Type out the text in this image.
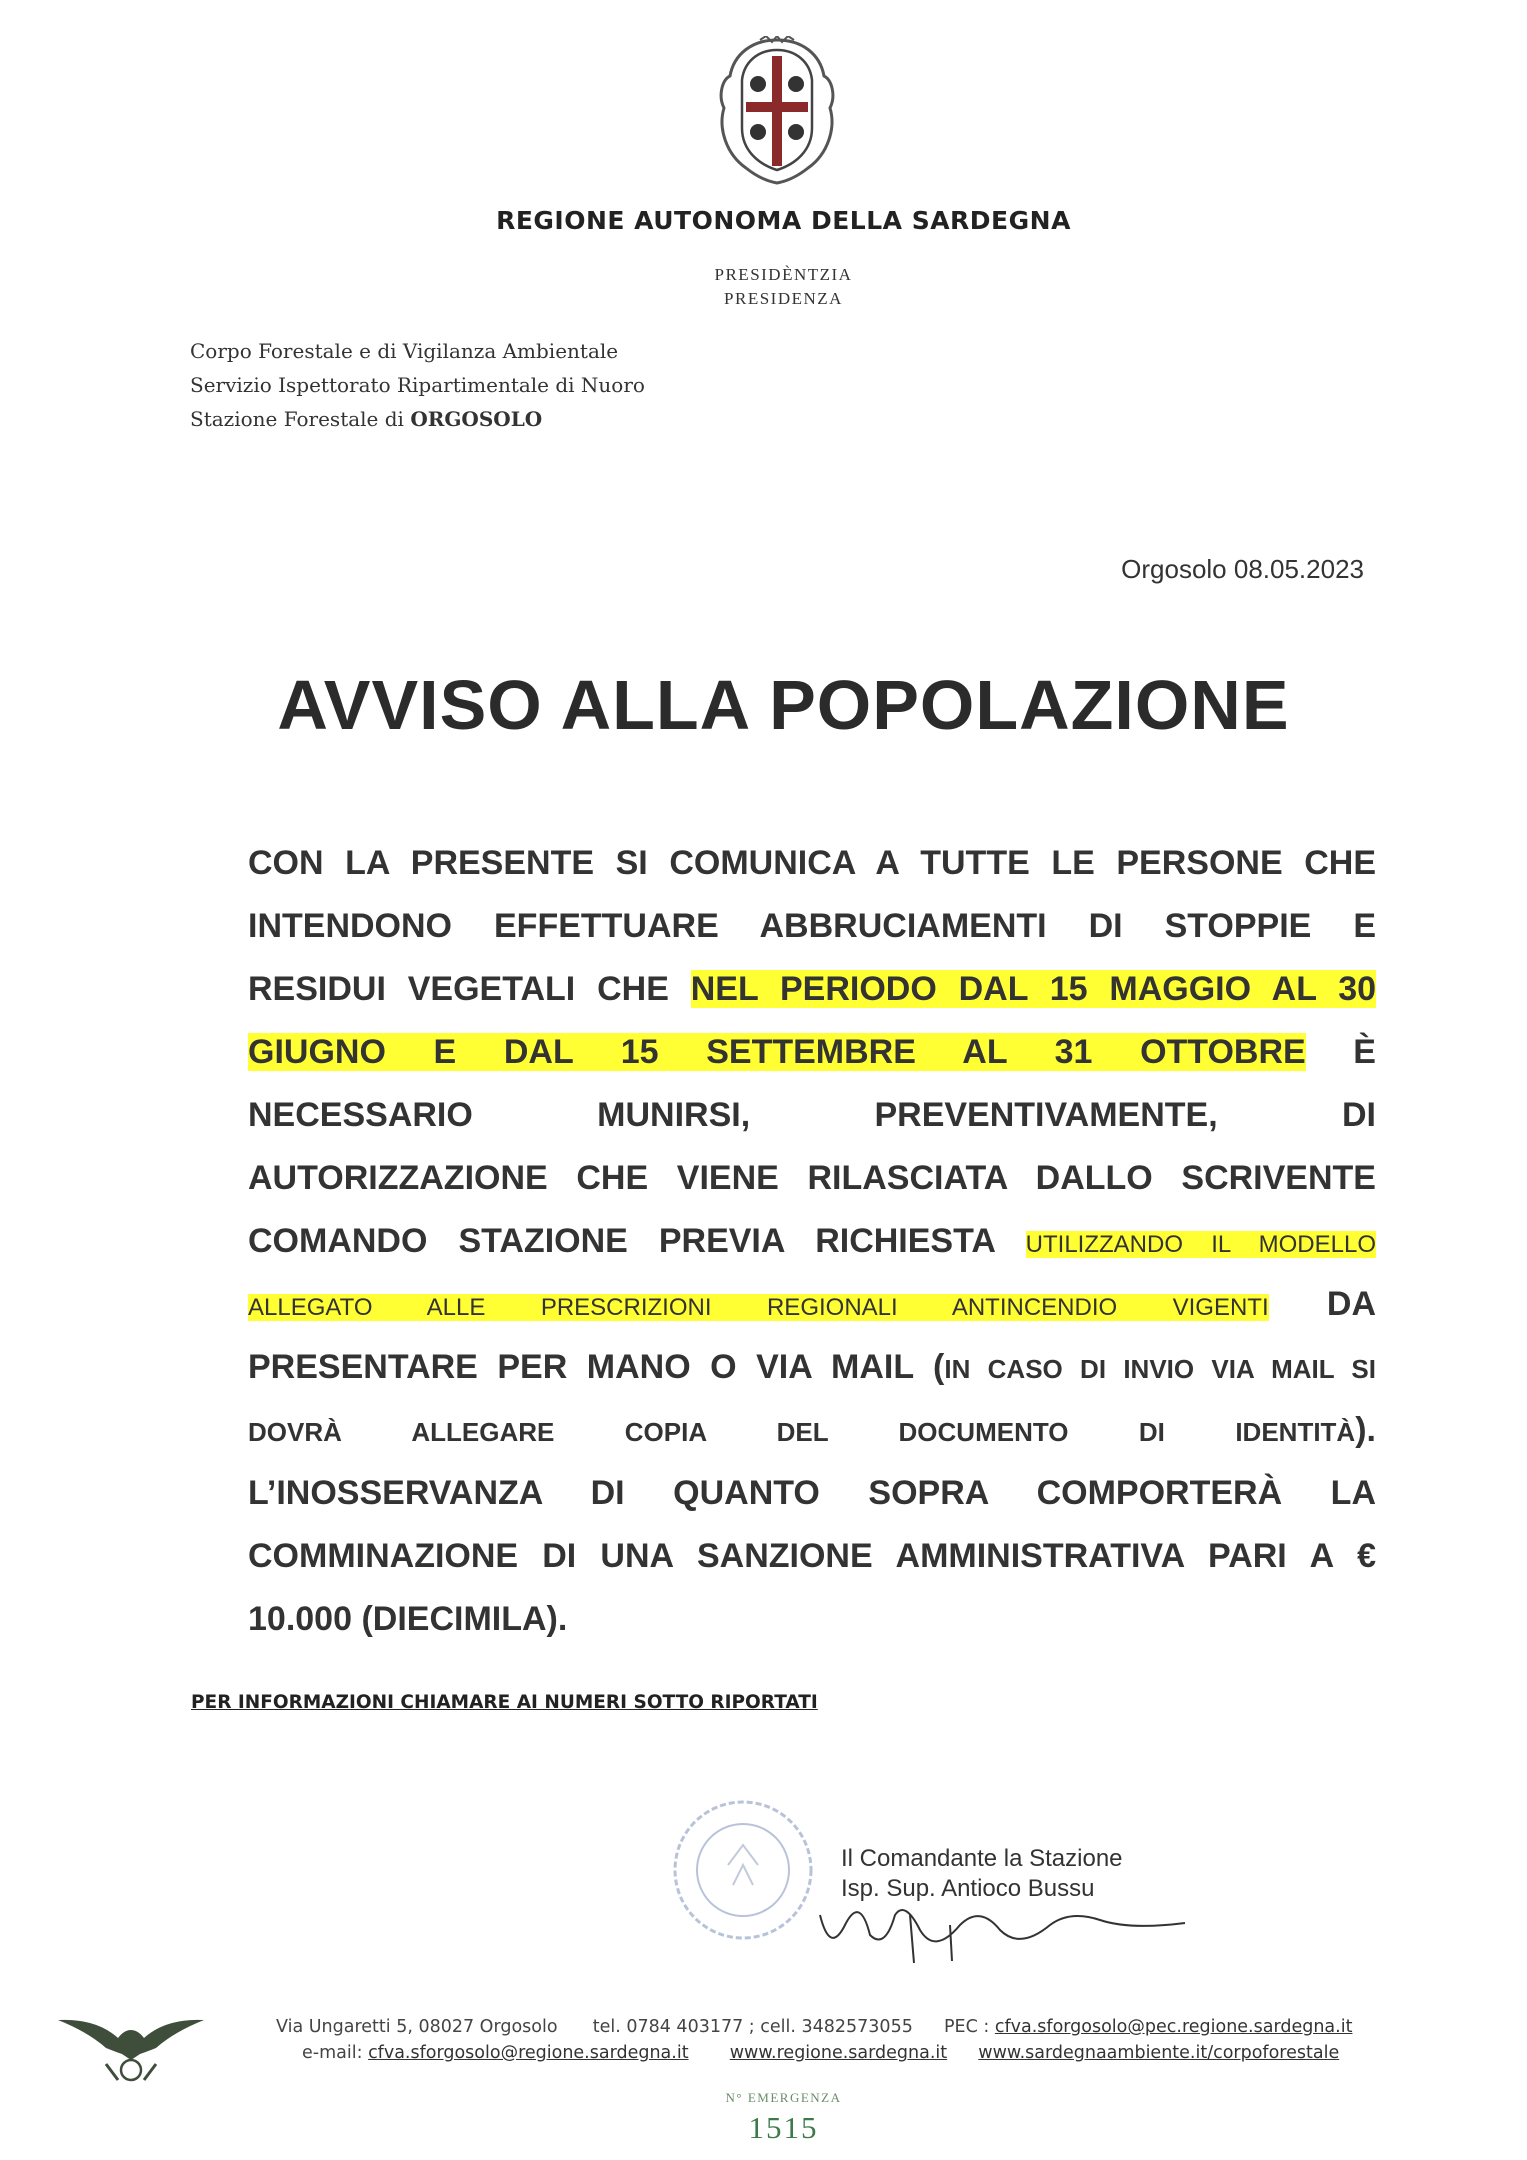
REGIONE AUTONOMA DELLA SARDEGNA
PRESIDÈNTZIA
PRESIDENZA
Corpo Forestale e di Vigilanza Ambientale
Servizio Ispettorato Ripartimentale di Nuoro
Stazione Forestale di ORGOSOLO
Orgosolo 08.05.2023
AVVISO ALLA POPOLAZIONE
CON LA PRESENTE SI COMUNICA A TUTTE LE PERSONE CHE
INTENDONO EFFETTUARE ABBRUCIAMENTI DI STOPPIE E
RESIDUI VEGETALI CHE NEL PERIODO DAL 15 MAGGIO AL 30
GIUGNO E DAL 15 SETTEMBRE AL 31 OTTOBRE È
NECESSARIO MUNIRSI, PREVENTIVAMENTE, DI
AUTORIZZAZIONE CHE VIENE RILASCIATA DALLO SCRIVENTE
COMANDO STAZIONE PREVIA RICHIESTA UTILIZZANDO IL MODELLO
ALLEGATO ALLE PRESCRIZIONI REGIONALI ANTINCENDIO VIGENTI DA
PRESENTARE PER MANO O VIA MAIL (IN CASO DI INVIO VIA MAIL SI
DOVRÀ ALLEGARE COPIA DEL DOCUMENTO DI IDENTITÀ).
L’INOSSERVANZA DI QUANTO SOPRA COMPORTERÀ LA
COMMINAZIONE DI UNA SANZIONE AMMINISTRATIVA PARI A €
10.000 (DIECIMILA).
PER INFORMAZIONI CHIAMARE AI NUMERI SOTTO RIPORTATI
Il Comandante la Stazione
Isp. Sup. Antioco Bussu
Via Ungaretti 5, 08027 Orgosolo tel. 0784 403177 ; cell. 3482573055 PEC : cfva.sforgosolo@pec.regione.sardegna.it
e-mail: cfva.sforgosolo@regione.sardegna.it www.regione.sardegna.it www.sardegnaambiente.it/corpoforestale
N° EMERGENZA
1515
